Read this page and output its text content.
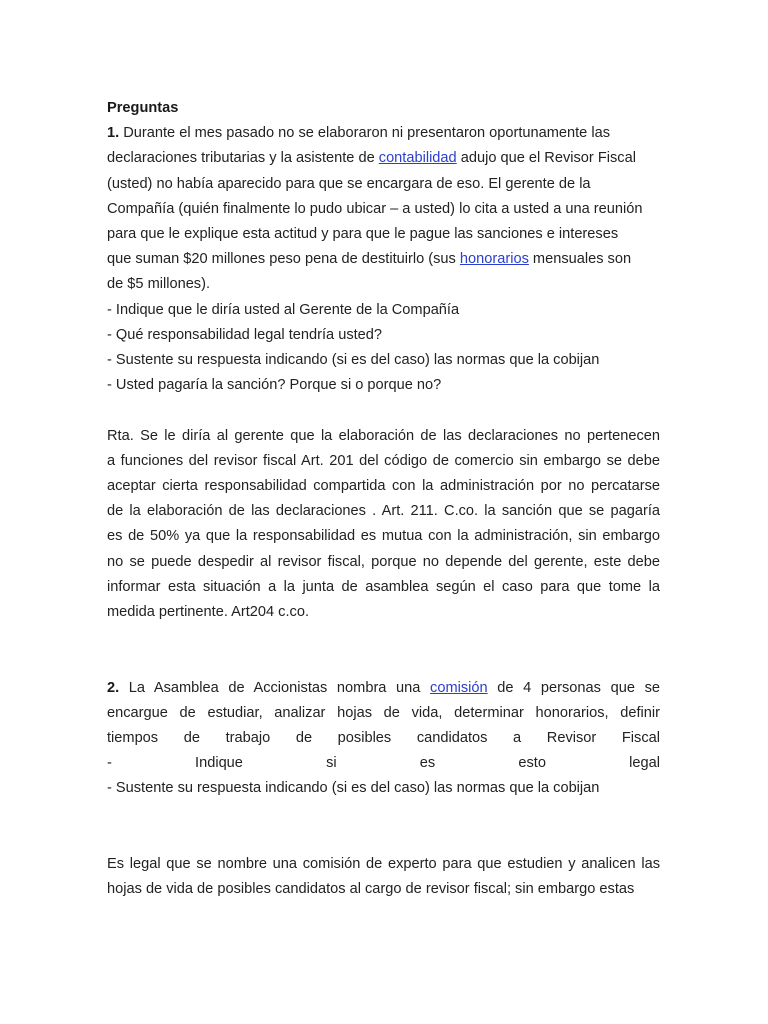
Preguntas
1. Durante el mes pasado no se elaboraron ni presentaron oportunamente las
declaraciones tributarias y la asistente de contabilidad adujo que el Revisor Fiscal
(usted) no había aparecido para que se encargara de eso. El gerente de la
Compañía (quién finalmente lo pudo ubicar – a usted) lo cita a usted a una reunión
para que le explique esta actitud y para que le pague las sanciones e intereses
que suman $20 millones peso pena de destituirlo (sus honorarios mensuales son
de $5 millones).
- Indique que le diría usted al Gerente de la Compañía
- Qué responsabilidad legal tendría usted?
- Sustente su respuesta indicando (si es del caso) las normas que la cobijan
- Usted pagaría la sanción? Porque si o porque no?
Rta. Se le diría al gerente que la elaboración de las declaraciones no pertenecen
a funciones del revisor fiscal Art. 201 del código de comercio sin embargo se debe
aceptar cierta responsabilidad compartida con la administración por no percatarse
de la elaboración de las declaraciones . Art. 211. C.co. la sanción que se pagaría
es de 50% ya que la responsabilidad es mutua con la administración, sin embargo
no se puede despedir al revisor fiscal, porque no depende del gerente, este debe
informar esta situación a la junta de asamblea según el caso para que tome la
medida pertinente. Art204 c.co.
2. La Asamblea de Accionistas nombra una comisión de 4 personas que se
encargue de estudiar, analizar hojas de vida, determinar honorarios, definir
tiempos de trabajo de posibles candidatos a Revisor Fiscal
- Indique si es esto legal
- Sustente su respuesta indicando (si es del caso) las normas que la cobijan
Es legal que se nombre una comisión de experto para que estudien y analicen las
hojas de vida de posibles candidatos al cargo de revisor fiscal; sin embargo estas
